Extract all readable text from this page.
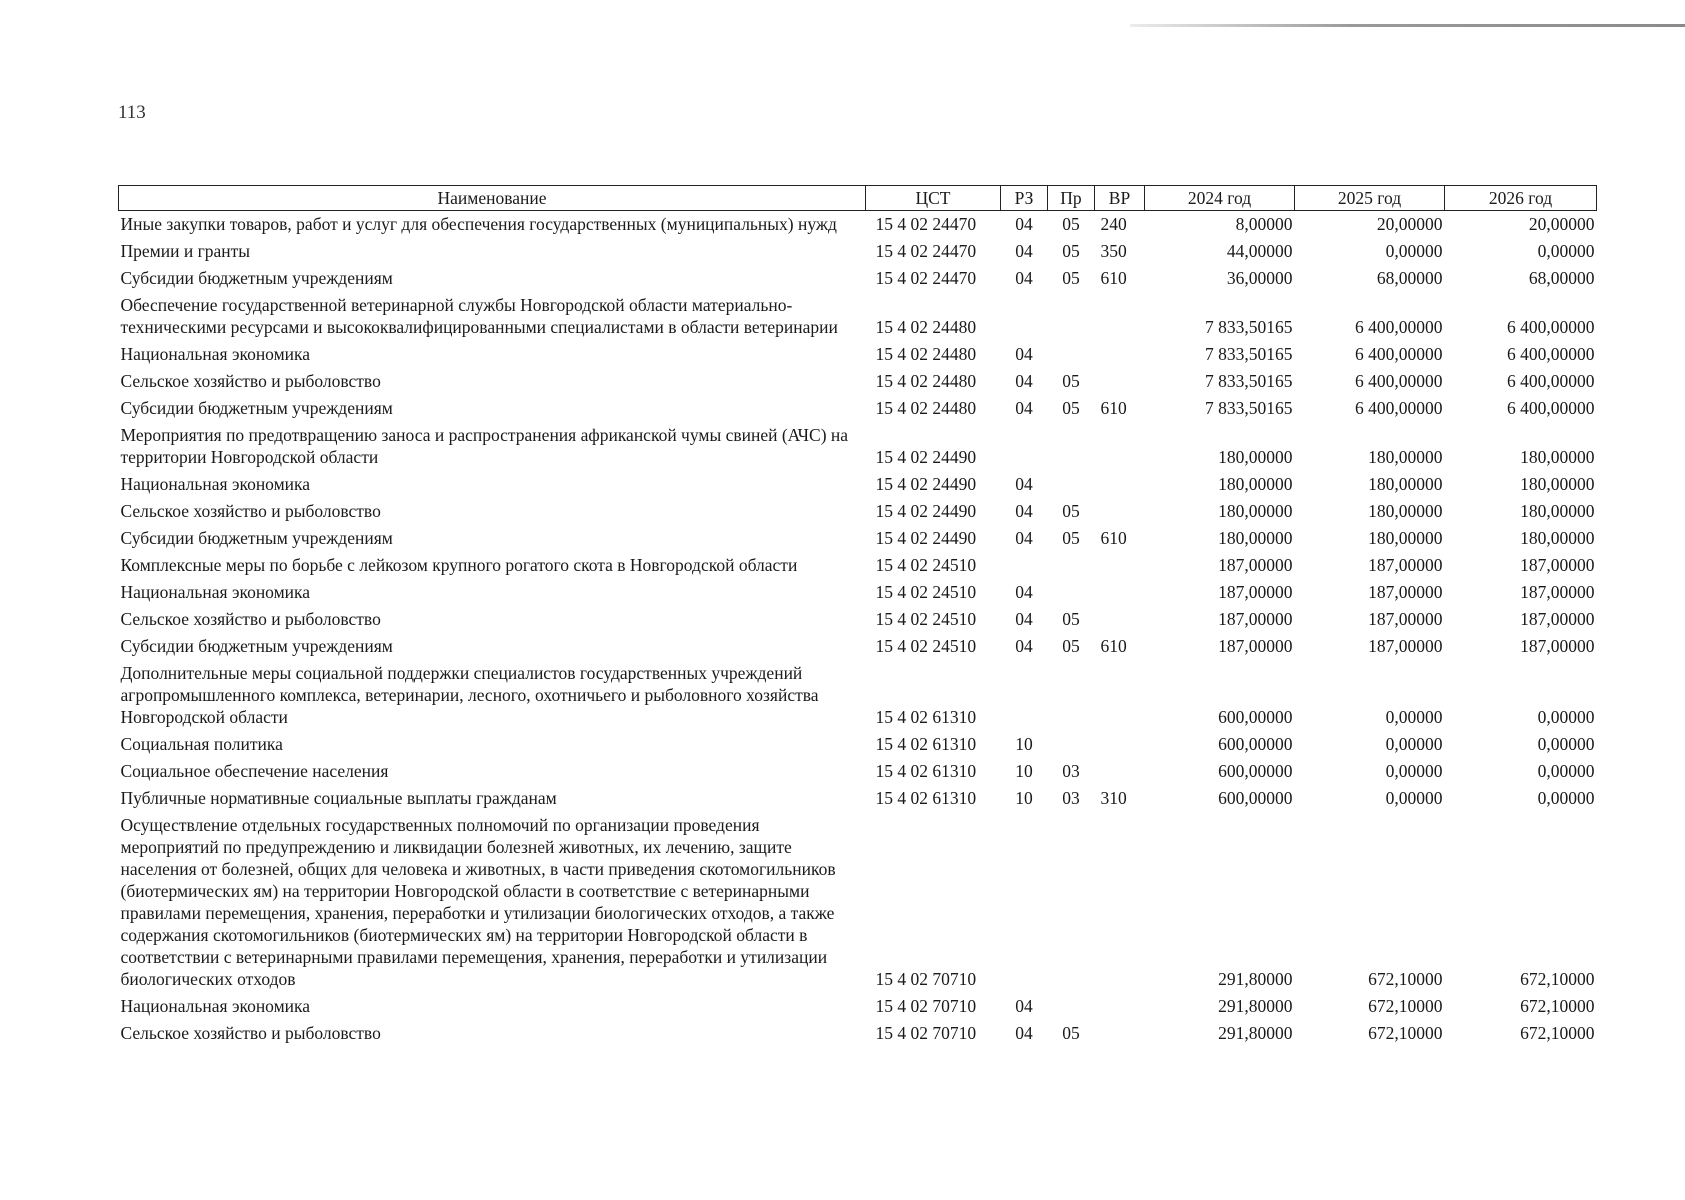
113
Наименование	ЦСТ	РЗ	Пр	ВР	2024 год	2025 год	2026 год
Иные закупки товаров, работ и услуг для обеспечения государственных (муниципальных) нужд	15 4 02 24470	04	05	240	8,00000	20,00000	20,00000
Премии и гранты	15 4 02 24470	04	05	350	44,00000	0,00000	0,00000
Субсидии бюджетным учреждениям	15 4 02 24470	04	05	610	36,00000	68,00000	68,00000
Обеспечение государственной ветеринарной службы Новгородской области материально-техническими ресурсами и высококвалифицированными специалистами в области ветеринарии	15 4 02 24480				7 833,50165	6 400,00000	6 400,00000
Национальная экономика	15 4 02 24480	04			7 833,50165	6 400,00000	6 400,00000
Сельское хозяйство и рыболовство	15 4 02 24480	04	05		7 833,50165	6 400,00000	6 400,00000
Субсидии бюджетным учреждениям	15 4 02 24480	04	05	610	7 833,50165	6 400,00000	6 400,00000
Мероприятия по предотвращению заноса и распространения африканской чумы свиней (АЧС) на территории Новгородской области	15 4 02 24490				180,00000	180,00000	180,00000
Национальная экономика	15 4 02 24490	04			180,00000	180,00000	180,00000
Сельское хозяйство и рыболовство	15 4 02 24490	04	05		180,00000	180,00000	180,00000
Субсидии бюджетным учреждениям	15 4 02 24490	04	05	610	180,00000	180,00000	180,00000
Комплексные меры по борьбе с лейкозом крупного рогатого скота в Новгородской области	15 4 02 24510				187,00000	187,00000	187,00000
Национальная экономика	15 4 02 24510	04			187,00000	187,00000	187,00000
Сельское хозяйство и рыболовство	15 4 02 24510	04	05		187,00000	187,00000	187,00000
Субсидии бюджетным учреждениям	15 4 02 24510	04	05	610	187,00000	187,00000	187,00000
Дополнительные меры социальной поддержки специалистов государственных учреждений агропромышленного комплекса, ветеринарии, лесного, охотничьего и рыболовного хозяйства Новгородской области	15 4 02 61310				600,00000	0,00000	0,00000
Социальная политика	15 4 02 61310	10			600,00000	0,00000	0,00000
Социальное обеспечение населения	15 4 02 61310	10	03		600,00000	0,00000	0,00000
Публичные нормативные социальные выплаты гражданам	15 4 02 61310	10	03	310	600,00000	0,00000	0,00000
Осуществление отдельных государственных полномочий по организации проведения мероприятий по предупреждению и ликвидации болезней животных, их лечению, защите населения от болезней, общих для человека и животных, в части приведения скотомогильников (биотермических ям) на территории Новгородской области в соответствие с ветеринарными правилами перемещения, хранения, переработки и утилизации биологических отходов, а также содержания скотомогильников (биотермических ям) на территории Новгородской области в соответствии с ветеринарными правилами перемещения, хранения, переработки и утилизации биологических отходов	15 4 02 70710				291,80000	672,10000	672,10000
Национальная экономика	15 4 02 70710	04			291,80000	672,10000	672,10000
Сельское хозяйство и рыболовство	15 4 02 70710	04	05		291,80000	672,10000	672,10000
